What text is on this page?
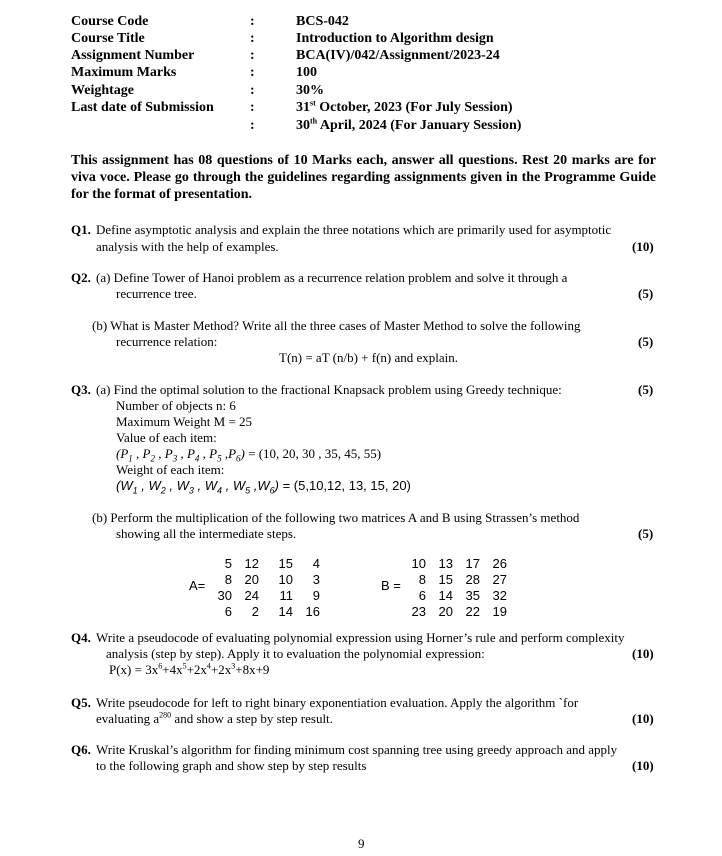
Course Code	:	BCS-042
Course Title	:	Introduction to Algorithm design
Assignment Number	:	BCA(IV)/042/Assignment/2023-24
Maximum Marks	:	100
Weightage	:	30%
Last date of Submission	:	31st October, 2023 (For July Session)
:	30th April, 2024 (For January Session)
This assignment has 08 questions of 10 Marks each, answer all questions. Rest 20 marks are for viva voce. Please go through the guidelines regarding assignments given in the Programme Guide for the format of presentation.
Q1. Define asymptotic analysis and explain the three notations which are primarily used for asymptotic
analysis with the help of examples.	(10)
Q2. (a) Define Tower of Hanoi problem as a recurrence relation problem and solve it through a
recurrence tree.	(5)
(b) What is Master Method? Write all the three cases of Master Method to solve the following
recurrence relation:	(5)
T(n) = aT (n/b) + f(n) and explain.
Q3. (a) Find the optimal solution to the fractional Knapsack problem using Greedy technique:	(5)
Number of objects n: 6
Maximum Weight M = 25
Value of each item:
($P_1$ , $P_2$ , $P_3$ , $P_4$ , $P_5$ $,P_6) = (10$, 20, 30 , 35, 45, 55)
Weight of each item:
($W_1$ , $W_2$ , $W_3$ , $W_4$ , $W_5$ $,W_6) = (5,10,12$, 13, 15, 20)
(b) Perform the multiplication of the following two matrices A and B using Strassen’s method
showing all the intermediate steps.	(5)
A=
5 12 15 4
8 20 10 3
30 24 11 9
6 2 14 16
B =
10 13 17 26
8 15 28 27
6 14 35 32
23 20 22 19
Q4. Write a pseudocode of evaluating polynomial expression using Horner’s rule and perform complexity
analysis (step by step). Apply it to evaluation the polynomial expression:	(10)
$P(x) = 3x^6+4x^5+2x^4+2x^3+8x+9$
Q5. Write pseudocode for left to right binary exponentiation evaluation. Apply the algorithm `for
evaluating $a^{280}$ and show a step by step result.	(10)
Q6. Write Kruskal’s algorithm for finding minimum cost spanning tree using greedy approach and apply
to the following graph and show step by step results	(10)
9
